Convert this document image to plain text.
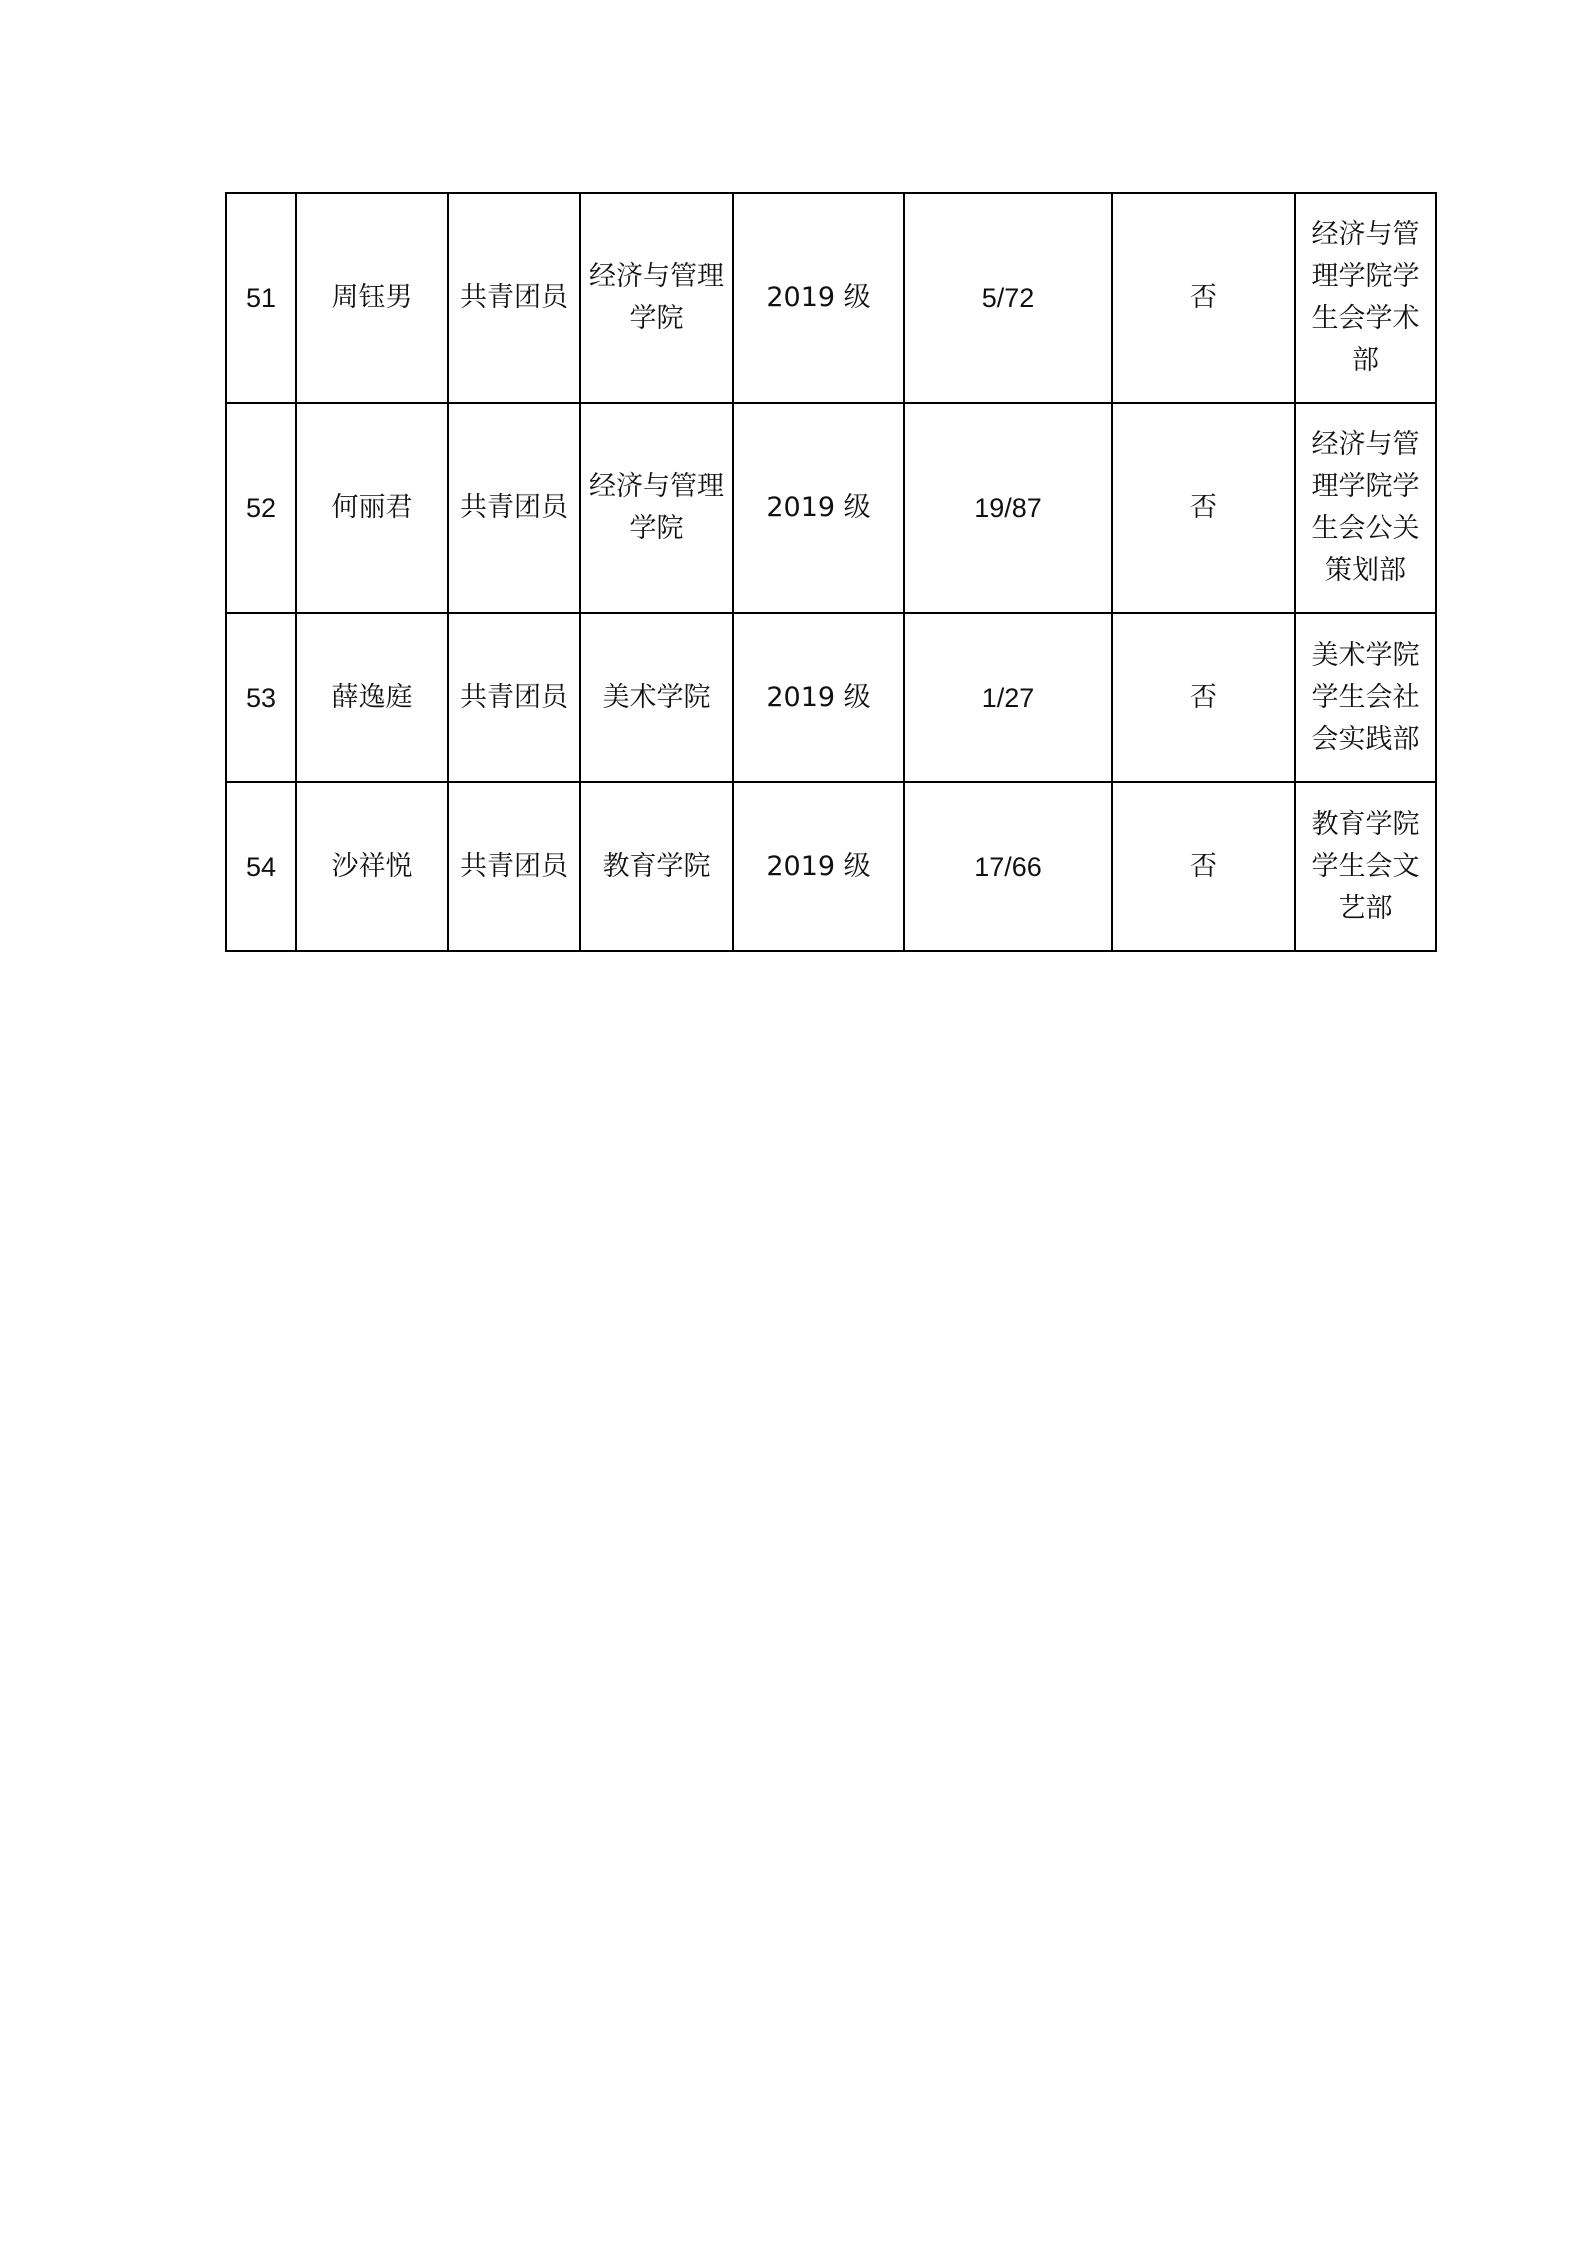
51	周钰男	共青团员	经济与管理学院	2019 级	5/72	否	经济与管理学院学生会学术部
52	何丽君	共青团员	经济与管理学院	2019 级	19/87	否	经济与管理学院学生会公关策划部
53	薛逸庭	共青团员	美术学院	2019 级	1/27	否	美术学院学生会社会实践部
54	沙祥悦	共青团员	教育学院	2019 级	17/66	否	教育学院学生会文艺部
